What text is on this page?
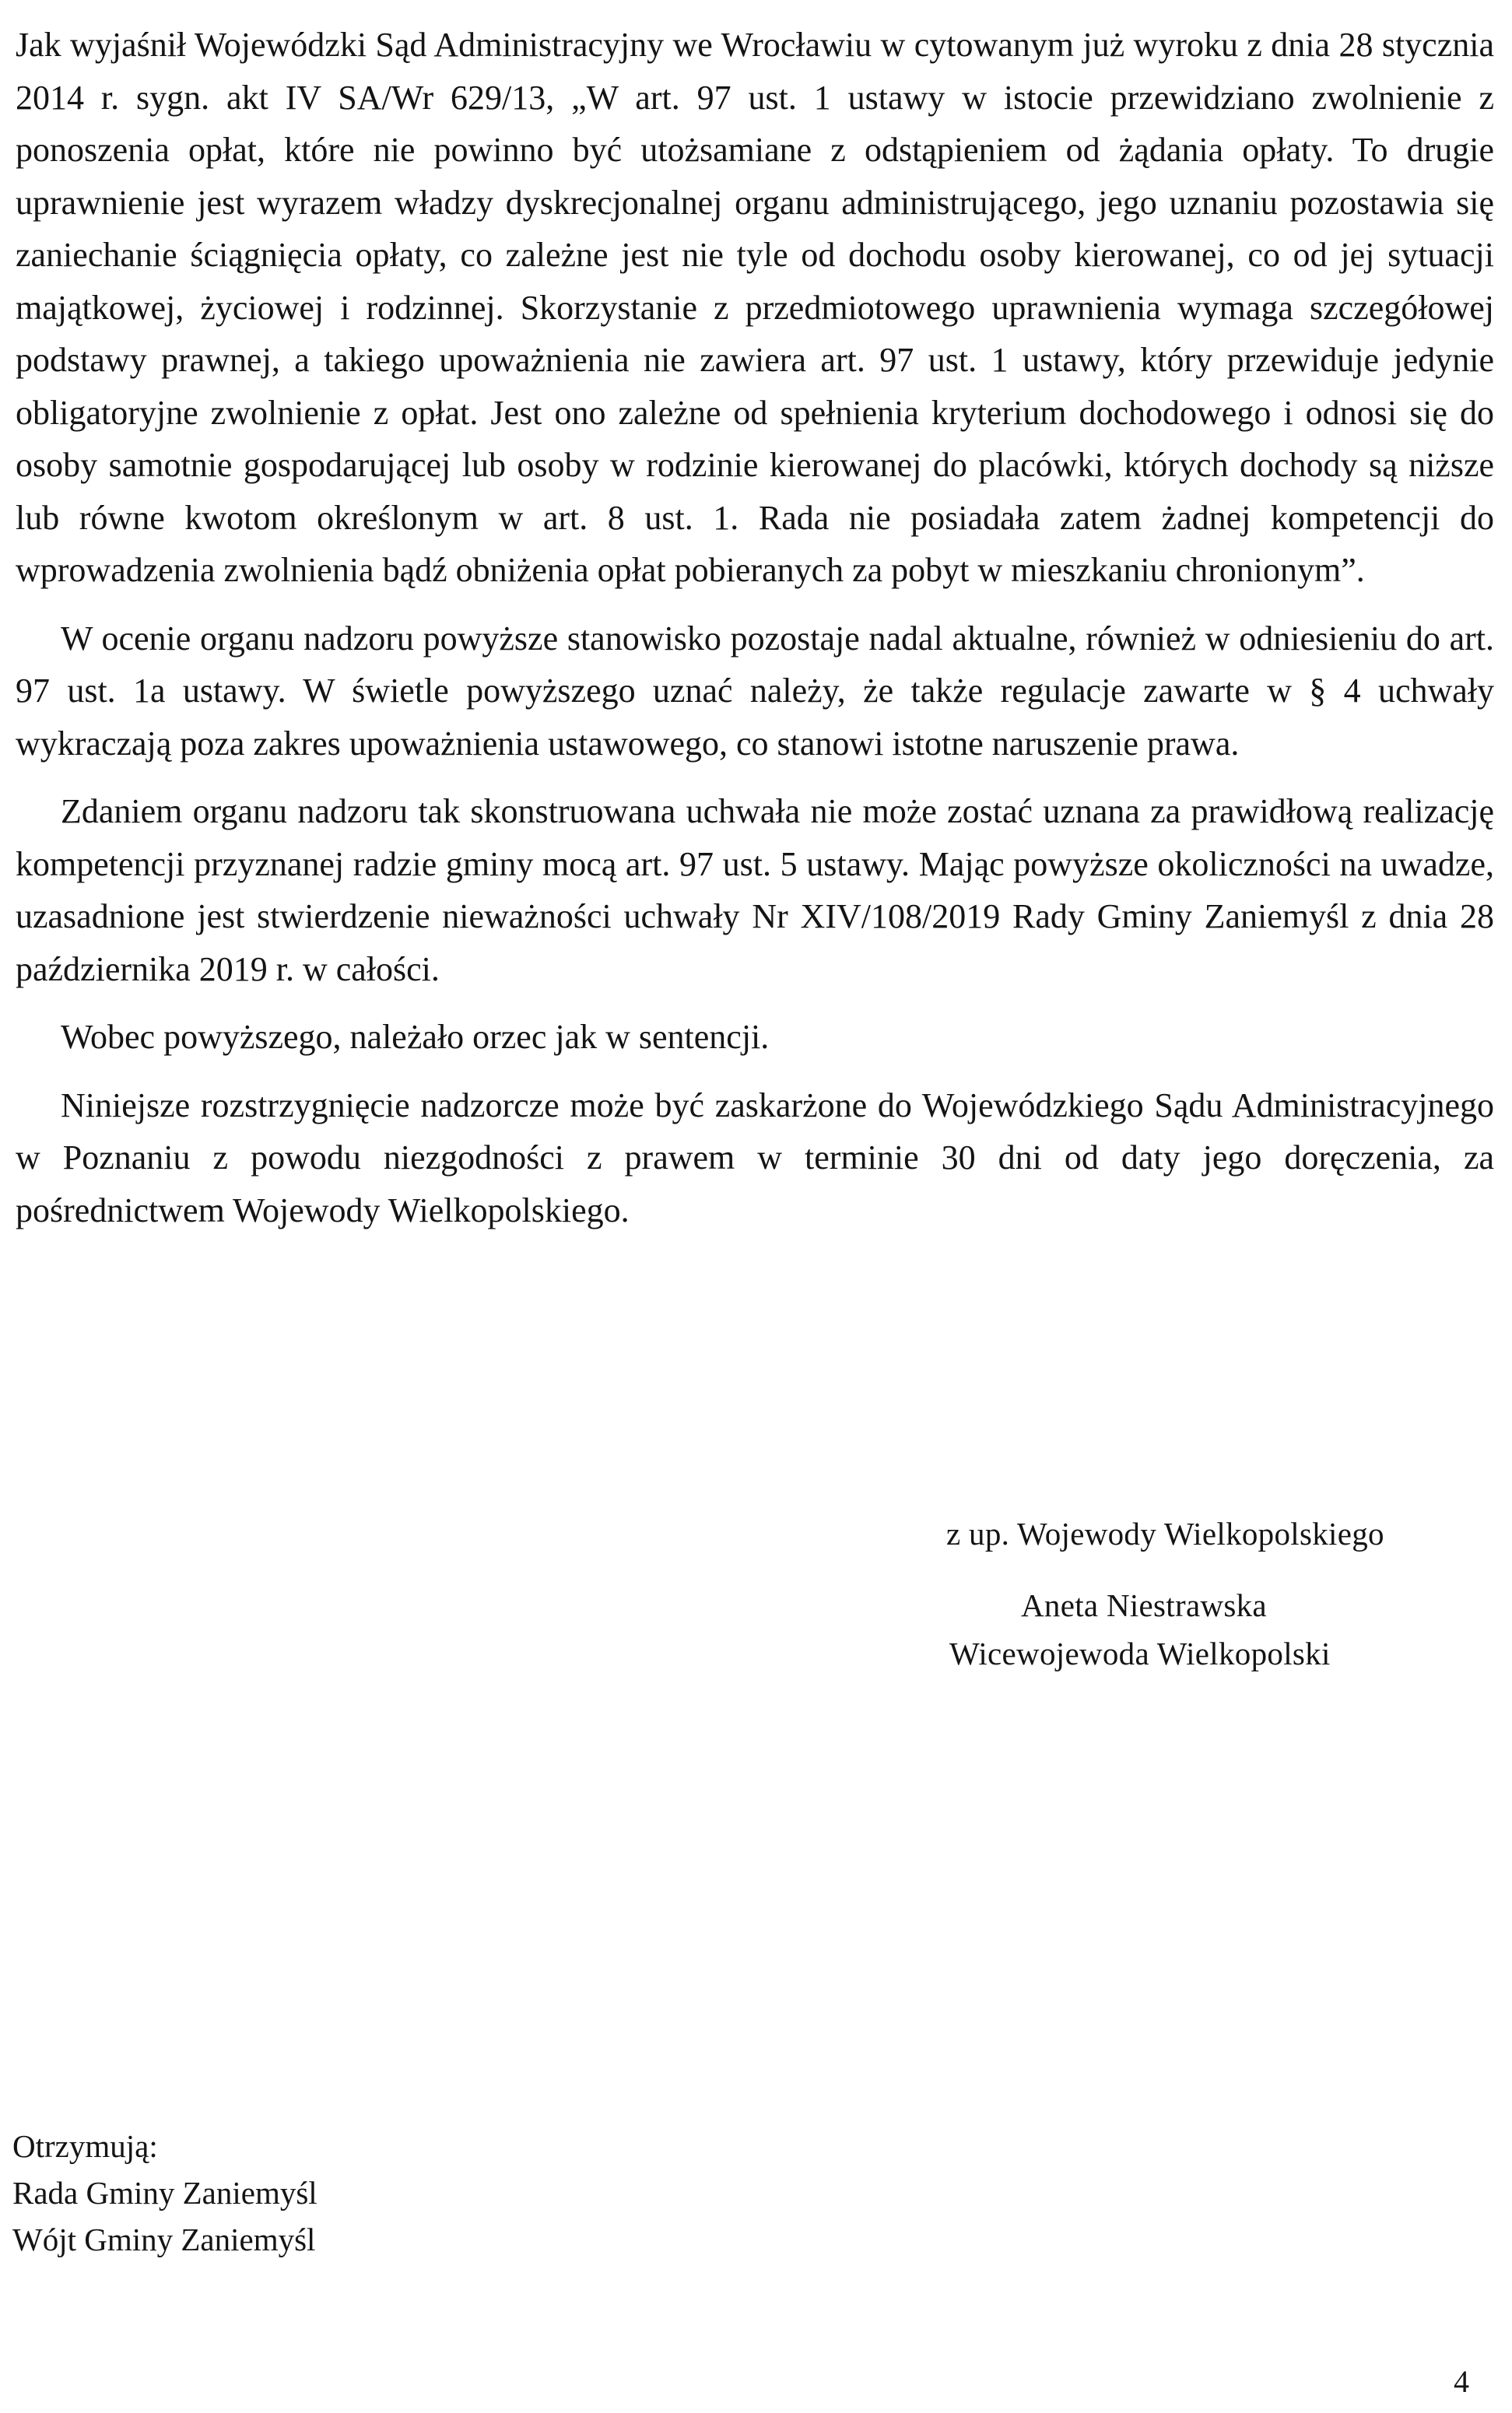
Jak wyjaśnił Wojewódzki Sąd Administracyjny we Wrocławiu w cytowanym już wyroku z dnia 28 stycznia 2014 r. sygn. akt IV SA/Wr 629/13, „W art. 97 ust. 1 ustawy w istocie przewidziano zwolnienie z ponoszenia opłat, które nie powinno być utożsamiane z odstąpieniem od żądania opłaty. To drugie uprawnienie jest wyrazem władzy dyskrecjonalnej organu administrującego, jego uznaniu pozostawia się zaniechanie ściągnięcia opłaty, co zależne jest nie tyle od dochodu osoby kierowanej, co od jej sytuacji majątkowej, życiowej i rodzinnej. Skorzystanie z przedmiotowego uprawnienia wymaga szczegółowej podstawy prawnej, a takiego upoważnienia nie zawiera art. 97 ust. 1 ustawy, który przewiduje jedynie obligatoryjne zwolnienie z opłat. Jest ono zależne od spełnienia kryterium dochodowego i odnosi się do osoby samotnie gospodarującej lub osoby w rodzinie kierowanej do placówki, których dochody są niższe lub równe kwotom określonym w art. 8 ust. 1. Rada nie posiadała zatem żadnej kompetencji do wprowadzenia zwolnienia bądź obniżenia opłat pobieranych za pobyt w mieszkaniu chronionym”.

W ocenie organu nadzoru powyższe stanowisko pozostaje nadal aktualne, również w odniesieniu do art. 97 ust. 1a ustawy. W świetle powyższego uznać należy, że także regulacje zawarte w § 4 uchwały wykraczają poza zakres upoważnienia ustawowego, co stanowi istotne naruszenie prawa.

Zdaniem organu nadzoru tak skonstruowana uchwała nie może zostać uznana za prawidłową realizację kompetencji przyznanej radzie gminy mocą art. 97 ust. 5 ustawy. Mając powyższe okoliczności na uwadze, uzasadnione jest stwierdzenie nieważności uchwały Nr XIV/108/2019 Rady Gminy Zaniemyśl z dnia 28 października 2019 r. w całości.

Wobec powyższego, należało orzec jak w sentencji.

Niniejsze rozstrzygnięcie nadzorcze może być zaskarżone do Wojewódzkiego Sądu Administracyjnego w Poznaniu z powodu niezgodności z prawem w terminie 30 dni od daty jego doręczenia, za pośrednictwem Wojewody Wielkopolskiego.

z up. Wojewody Wielkopolskiego

Aneta Niestrawska

Wicewojewoda Wielkopolski

Otrzymują:

Rada Gminy Zaniemyśl

Wójt Gminy Zaniemyśl

4
